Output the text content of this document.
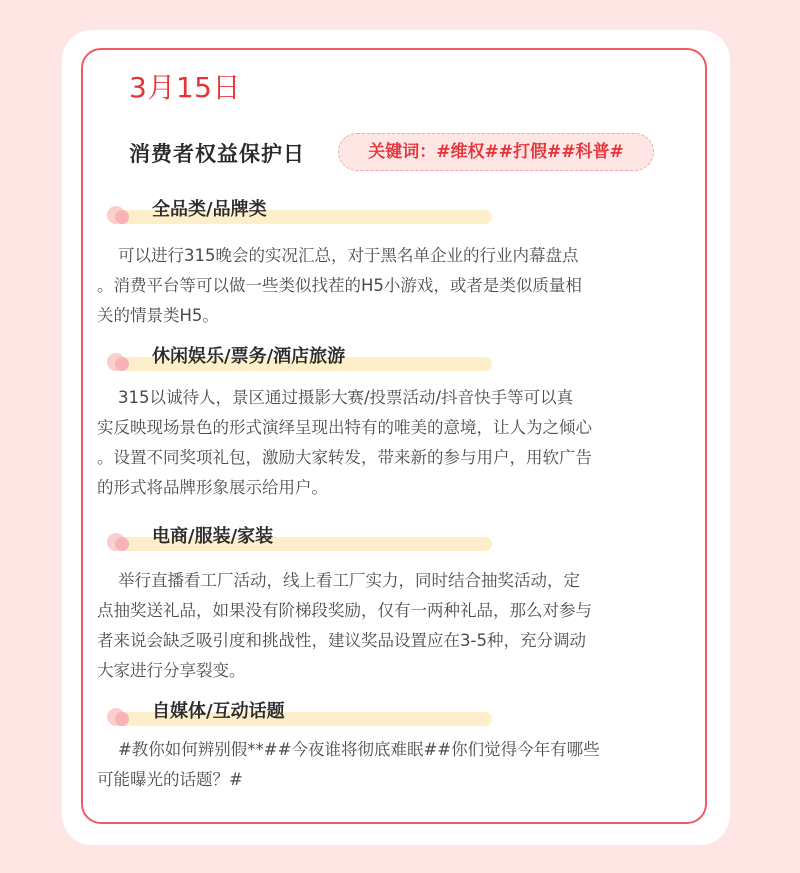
3月15日
消费者权益保护日	关键词：#维权##打假##科普#
全品类/品牌类

可以进行315晚会的实况汇总，对于黑名单企业的行业内幕盘点
。消费平台等可以做一些类似找茬的H5小游戏，或者是类似质量相
关的情景类H5。

休闲娱乐/票务/酒店旅游

315以诚待人，景区通过摄影大赛/投票活动/抖音快手等可以真
实反映现场景色的形式演绎呈现出特有的唯美的意境，让人为之倾心
。设置不同奖项礼包，激励大家转发，带来新的参与用户，用软广告
的形式将品牌形象展示给用户。

电商/服装/家装

举行直播看工厂活动，线上看工厂实力，同时结合抽奖活动，定
点抽奖送礼品，如果没有阶梯段奖励，仅有一两种礼品，那么对参与
者来说会缺乏吸引度和挑战性，建议奖品设置应在3-5种，充分调动
大家进行分享裂变。

自媒体/互动话题

#教你如何辨别假**##今夜谁将彻底难眠##你们觉得今年有哪些
可能曝光的话题？#
